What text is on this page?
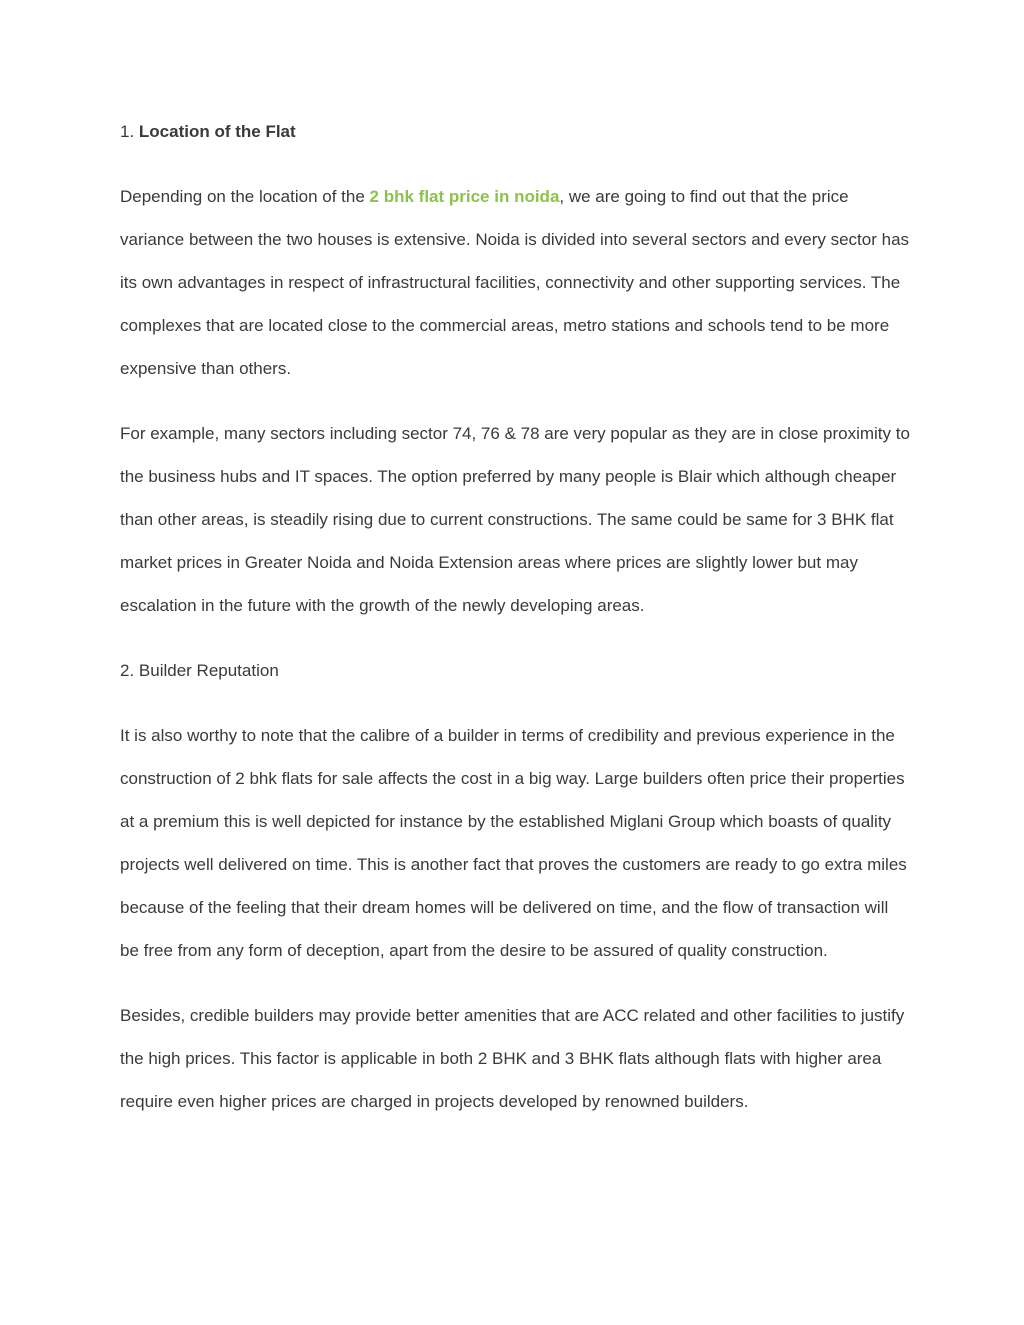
1. Location of the Flat

Depending on the location of the 2 bhk flat price in noida, we are going to find out that the price variance between the two houses is extensive. Noida is divided into several sectors and every sector has its own advantages in respect of infrastructural facilities, connectivity and other supporting services. The complexes that are located close to the commercial areas, metro stations and schools tend to be more expensive than others.

For example, many sectors including sector 74, 76 & 78 are very popular as they are in close proximity to the business hubs and IT spaces. The option preferred by many people is Blair which although cheaper than other areas, is steadily rising due to current constructions. The same could be same for 3 BHK flat market prices in Greater Noida and Noida Extension areas where prices are slightly lower but may escalation in the future with the growth of the newly developing areas.

2. Builder Reputation

It is also worthy to note that the calibre of a builder in terms of credibility and previous experience in the construction of 2 bhk flats for sale affects the cost in a big way. Large builders often price their properties at a premium this is well depicted for instance by the established Miglani Group which boasts of quality projects well delivered on time. This is another fact that proves the customers are ready to go extra miles because of the feeling that their dream homes will be delivered on time, and the flow of transaction will be free from any form of deception, apart from the desire to be assured of quality construction.

Besides, credible builders may provide better amenities that are ACC related and other facilities to justify the high prices. This factor is applicable in both 2 BHK and 3 BHK flats although flats with higher area require even higher prices are charged in projects developed by renowned builders.
